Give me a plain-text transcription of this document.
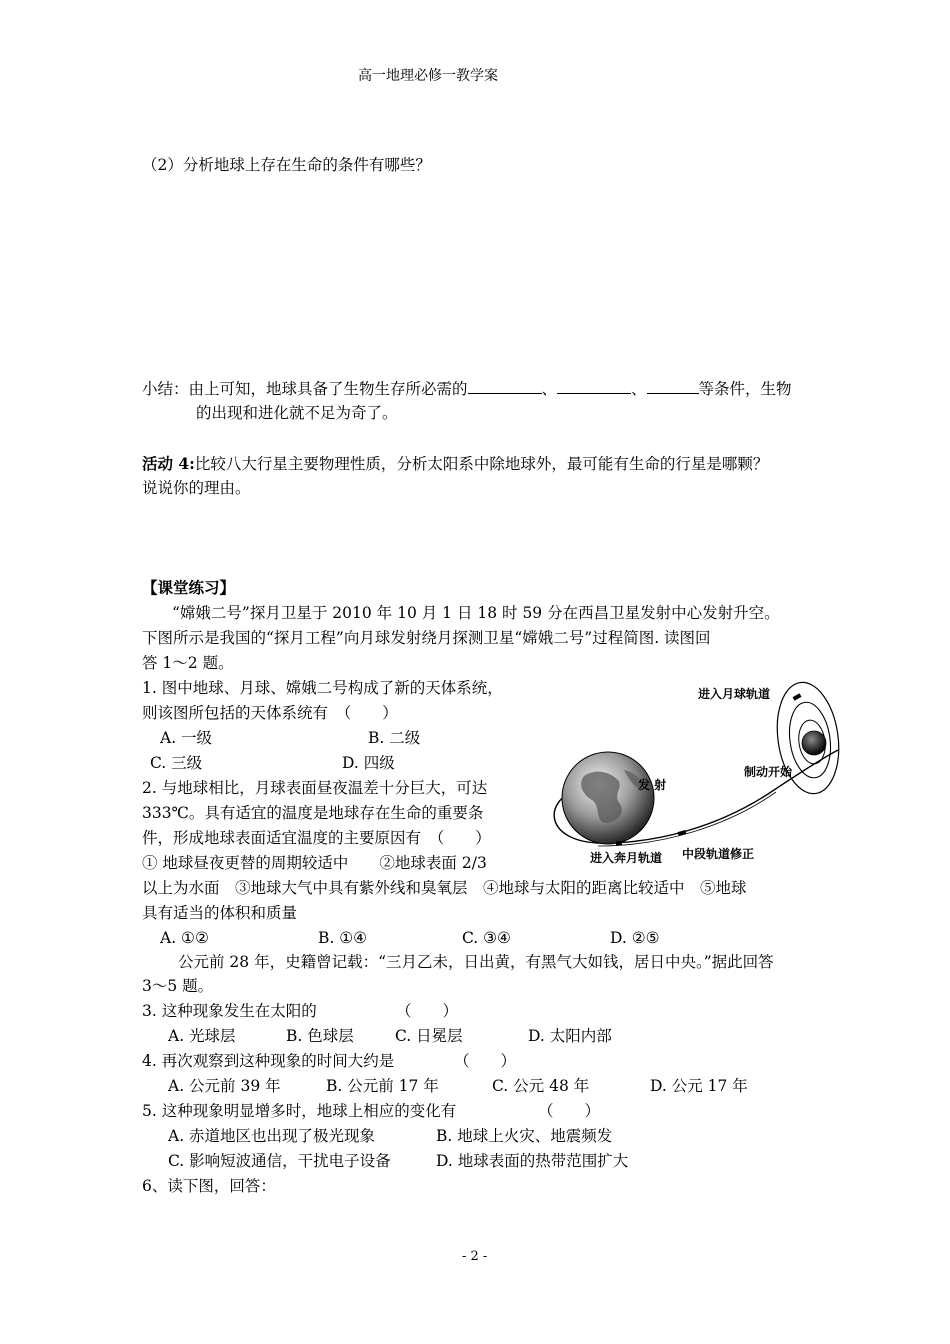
高一地理必修一教学案
（2）分析地球上存在生命的条件有哪些？
小结：由上可知，地球具备了生物生存所必需的	、	、	等条件，生物
的出现和进化就不足为奇了。
活动 4:比较八大行星主要物理性质，分析太阳系中除地球外，最可能有生命的行星是哪颗？
说说你的理由。
【课堂练习】
“嫦娥二号”探月卫星于 2010 年 10 月 1 日 18 时 59 分在西昌卫星发射中心发射升空。
下图所示是我国的“探月工程”向月球发射绕月探测卫星“嫦娥二号”过程简图. 读图回
答 1～2 题。
1. 图中地球、月球、嫦娥二号构成了新的天体系统，
则该图所包括的天体系统有　（　　）
A. 一级	B. 二级
C. 三级	D. 四级
2. 与地球相比，月球表面昼夜温差十分巨大，可达
333℃。具有适宜的温度是地球存在生命的重要条
件，形成地球表面适宜温度的主要原因有　（　　）
① 地球昼夜更替的周期较适中　　②地球表面 2/3
以上为水面　③地球大气中具有紫外线和臭氧层　④地球与太阳的距离比较适中　⑤地球
具有适当的体积和质量
A. ①②	B. ①④	C. ③④	D. ②⑤
公元前 28 年，史籍曾记载：“三月乙未，日出黄，有黑气大如钱，居日中央。”据此回答
3～5 题。
3. 这种现象发生在太阳的	（　　）
A. 光球层	B. 色球层	C. 日冕层	D. 太阳内部
4. 再次观察到这种现象的时间大约是	（　　）
A. 公元前 39 年	B. 公元前 17 年	C. 公元 48 年	D. 公元 17 年
5. 这种现象明显增多时，地球上相应的变化有	（　　）
A. 赤道地区也出现了极光现象	B. 地球上火灾、地震频发
C. 影响短波通信，干扰电子设备	D. 地球表面的热带范围扩大
6、读下图，回答：
进入月球轨道
制动开始
发 射
进入奔月轨道 中段轨道修正
- 2 -
